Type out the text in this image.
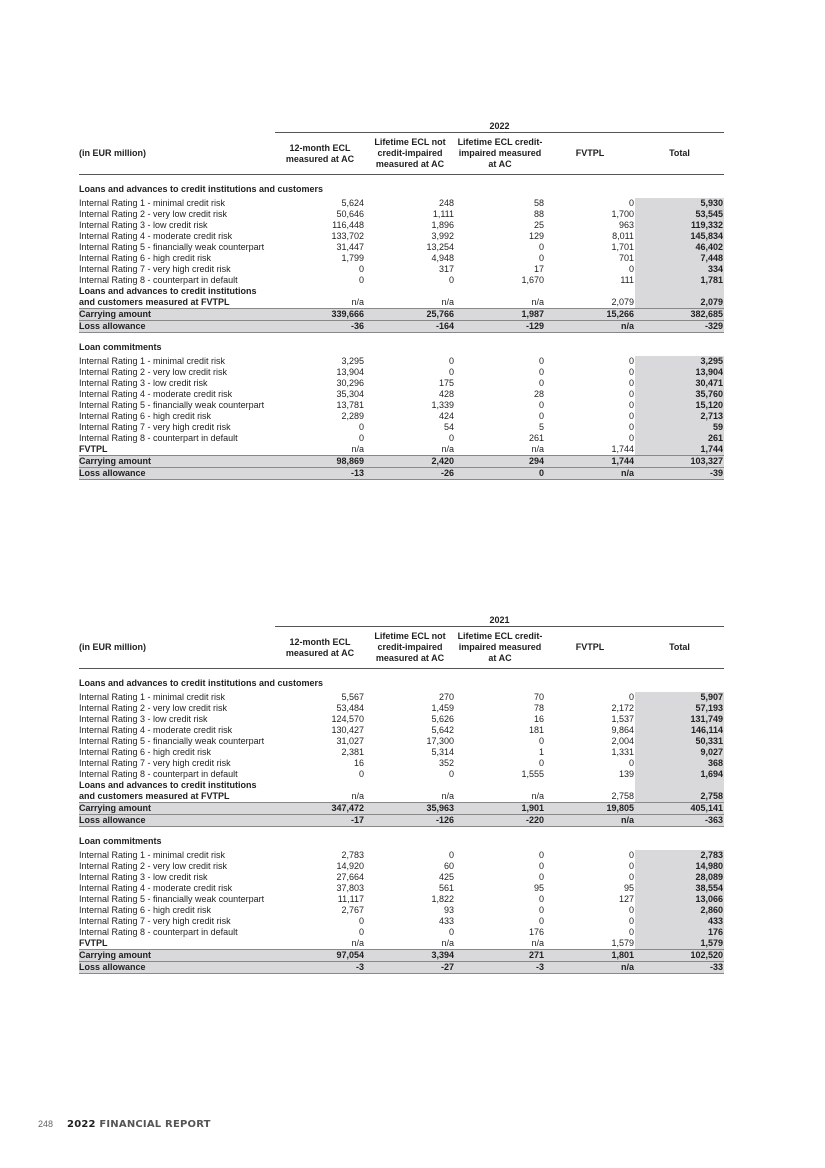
2022
(in EUR million)
12-month ECL measured at AC
Lifetime ECL not credit-impaired measured at AC
Lifetime ECL credit-impaired measured at AC
FVTPL	Total
Loans and advances to credit institutions and customers
Internal Rating 1 - minimal credit risk	5,624	248	58	0	5,930
Internal Rating 2 - very low credit risk	50,646	1,111	88	1,700	53,545
Internal Rating 3 - low credit risk	116,448	1,896	25	963	119,332
Internal Rating 4 - moderate credit risk	133,702	3,992	129	8,011	145,834
Internal Rating 5 - financially weak counterpart	31,447	13,254	0	1,701	46,402
Internal Rating 6 - high credit risk	1,799	4,948	0	701	7,448
Internal Rating 7 - very high credit risk	0	317	17	0	334
Internal Rating 8 - counterpart in default	0	0	1,670	111	1,781
Loans and advances to credit institutions and customers measured at FVTPL	n/a	n/a	n/a	2,079	2,079
Carrying amount	339,666	25,766	1,987	15,266	382,685
Loss allowance	-36	-164	-129	n/a	-329
Loan commitments
Internal Rating 1 - minimal credit risk	3,295	0	0	0	3,295
Internal Rating 2 - very low credit risk	13,904	0	0	0	13,904
Internal Rating 3 - low credit risk	30,296	175	0	0	30,471
Internal Rating 4 - moderate credit risk	35,304	428	28	0	35,760
Internal Rating 5 - financially weak counterpart	13,781	1,339	0	0	15,120
Internal Rating 6 - high credit risk	2,289	424	0	0	2,713
Internal Rating 7 - very high credit risk	0	54	5	0	59
Internal Rating 8 - counterpart in default	0	0	261	0	261
FVTPL	n/a	n/a	n/a	1,744	1,744
Carrying amount	98,869	2,420	294	1,744	103,327
Loss allowance	-13	-26	0	n/a	-39
2021
(in EUR million)
12-month ECL measured at AC
Lifetime ECL not credit-impaired measured at AC
Lifetime ECL credit-impaired measured at AC
FVTPL	Total
Loans and advances to credit institutions and customers
Internal Rating 1 - minimal credit risk	5,567	270	70	0	5,907
Internal Rating 2 - very low credit risk	53,484	1,459	78	2,172	57,193
Internal Rating 3 - low credit risk	124,570	5,626	16	1,537	131,749
Internal Rating 4 - moderate credit risk	130,427	5,642	181	9,864	146,114
Internal Rating 5 - financially weak counterpart	31,027	17,300	0	2,004	50,331
Internal Rating 6 - high credit risk	2,381	5,314	1	1,331	9,027
Internal Rating 7 - very high credit risk	16	352	0	0	368
Internal Rating 8 - counterpart in default	0	0	1,555	139	1,694
Loans and advances to credit institutions and customers measured at FVTPL	n/a	n/a	n/a	2,758	2,758
Carrying amount	347,472	35,963	1,901	19,805	405,141
Loss allowance	-17	-126	-220	n/a	-363
Loan commitments
Internal Rating 1 - minimal credit risk	2,783	0	0	0	2,783
Internal Rating 2 - very low credit risk	14,920	60	0	0	14,980
Internal Rating 3 - low credit risk	27,664	425	0	0	28,089
Internal Rating 4 - moderate credit risk	37,803	561	95	95	38,554
Internal Rating 5 - financially weak counterpart	11,117	1,822	0	127	13,066
Internal Rating 6 - high credit risk	2,767	93	0	0	2,860
Internal Rating 7 - very high credit risk	0	433	0	0	433
Internal Rating 8 - counterpart in default	0	0	176	0	176
FVTPL	n/a	n/a	n/a	1,579	1,579
Carrying amount	97,054	3,394	271	1,801	102,520
Loss allowance	-3	-27	-3	n/a	-33
248 2022 FINANCIAL REPORT
